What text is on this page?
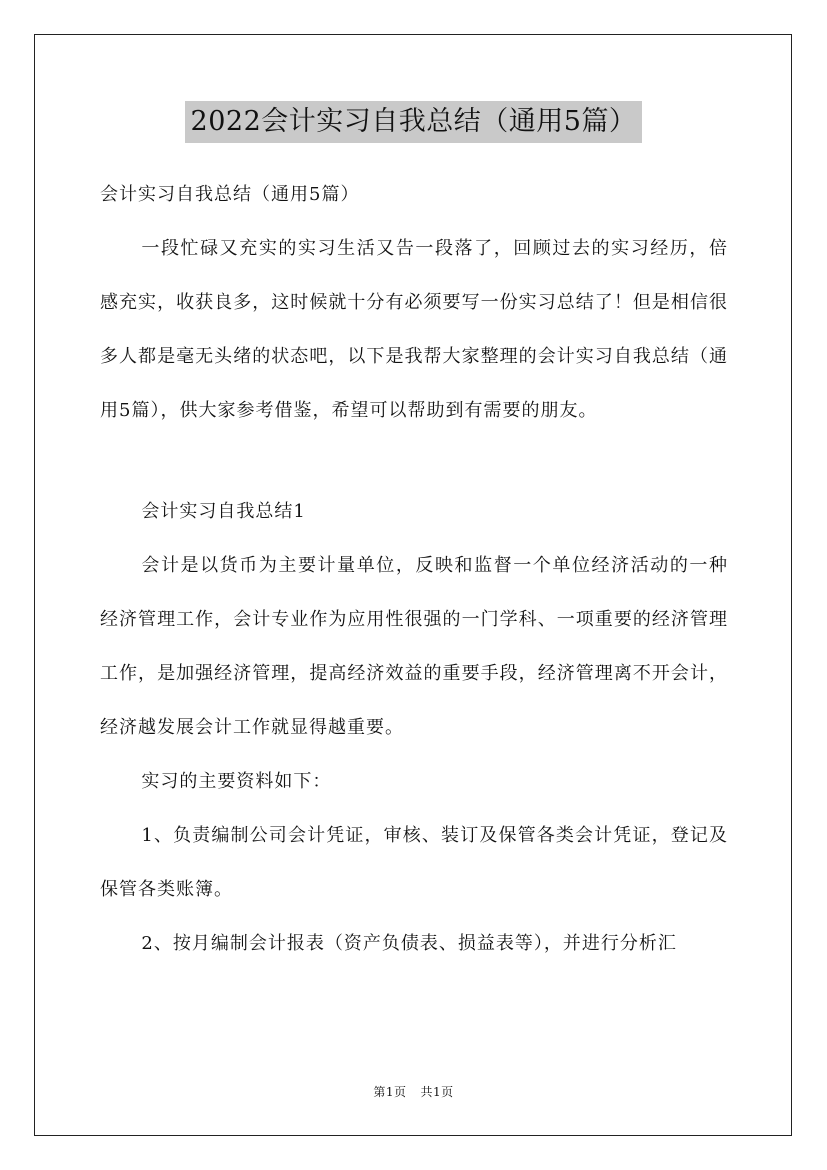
2022会计实习自我总结（通用5篇）

会计实习自我总结（通用5篇）

一段忙碌又充实的实习生活又告一段落了，回顾过去的实习经历，倍感充实，收获良多，这时候就十分有必须要写一份实习总结了！但是相信很多人都是毫无头绪的状态吧，以下是我帮大家整理的会计实习自我总结（通用5篇），供大家参考借鉴，希望可以帮助到有需要的朋友。

会计实习自我总结1

会计是以货币为主要计量单位，反映和监督一个单位经济活动的一种经济管理工作，会计专业作为应用性很强的一门学科、一项重要的经济管理工作，是加强经济管理，提高经济效益的重要手段，经济管理离不开会计，经济越发展会计工作就显得越重要。

实习的主要资料如下：

1、负责编制公司会计凭证，审核、装订及保管各类会计凭证，登记及保管各类账簿。

2、按月编制会计报表（资产负债表、损益表等），并进行分析汇

第1页 共1页
